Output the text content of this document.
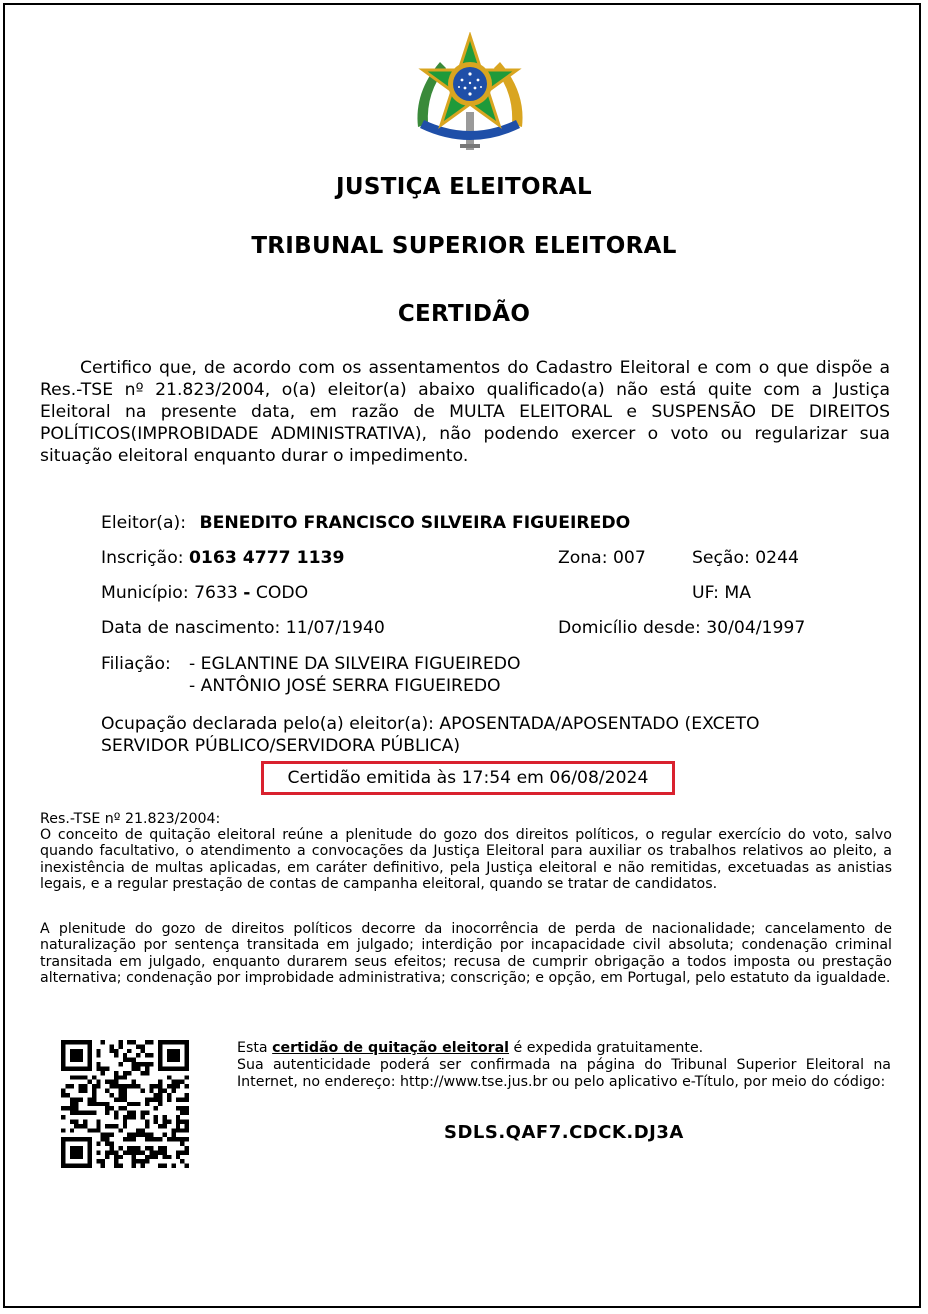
JUSTIÇA ELEITORAL
TRIBUNAL SUPERIOR ELEITORAL
CERTIDÃO
Certifico que, de acordo com os assentamentos do Cadastro Eleitoral e com o que dispõe a Res.-TSE nº 21.823/2004, o(a) eleitor(a) abaixo qualificado(a) não está quite com a Justiça Eleitoral na presente data, em razão de MULTA ELEITORAL e SUSPENSÃO DE DIREITOS POLÍTICOS(IMPROBIDADE ADMINISTRATIVA), não podendo exercer o voto ou regularizar sua situação eleitoral enquanto durar o impedimento.
Eleitor(a): BENEDITO FRANCISCO SILVEIRA FIGUEIREDO
Inscrição: 0163 4777 1139	Zona: 007	Seção: 0244
Município: 7633 - CODO	UF: MA
Data de nascimento: 11/07/1940	Domicílio desde: 30/04/1997
Filiação: - EGLANTINE DA SILVEIRA FIGUEIREDO
- ANTÔNIO JOSÉ SERRA FIGUEIREDO
Ocupação declarada pelo(a) eleitor(a): APOSENTADA/APOSENTADO (EXCETO
SERVIDOR PÚBLICO/SERVIDORA PÚBLICA)
Certidão emitida às 17:54 em 06/08/2024
Res.-TSE nº 21.823/2004:
O conceito de quitação eleitoral reúne a plenitude do gozo dos direitos políticos, o regular exercício do voto, salvo quando facultativo, o atendimento a convocações da Justiça Eleitoral para auxiliar os trabalhos relativos ao pleito, a inexistência de multas aplicadas, em caráter definitivo, pela Justiça eleitoral e não remitidas, excetuadas as anistias legais, e a regular prestação de contas de campanha eleitoral, quando se tratar de candidatos.
A plenitude do gozo de direitos políticos decorre da inocorrência de perda de nacionalidade; cancelamento de naturalização por sentença transitada em julgado; interdição por incapacidade civil absoluta; condenação criminal transitada em julgado, enquanto durarem seus efeitos; recusa de cumprir obrigação a todos imposta ou prestação alternativa; condenação por improbidade administrativa; conscrição; e opção, em Portugal, pelo estatuto da igualdade.
Esta certidão de quitação eleitoral é expedida gratuitamente.
Sua autenticidade poderá ser confirmada na página do Tribunal Superior Eleitoral na Internet, no endereço: http://www.tse.jus.br ou pelo aplicativo e-Título, por meio do código:
SDLS.QAF7.CDCK.DJ3A
